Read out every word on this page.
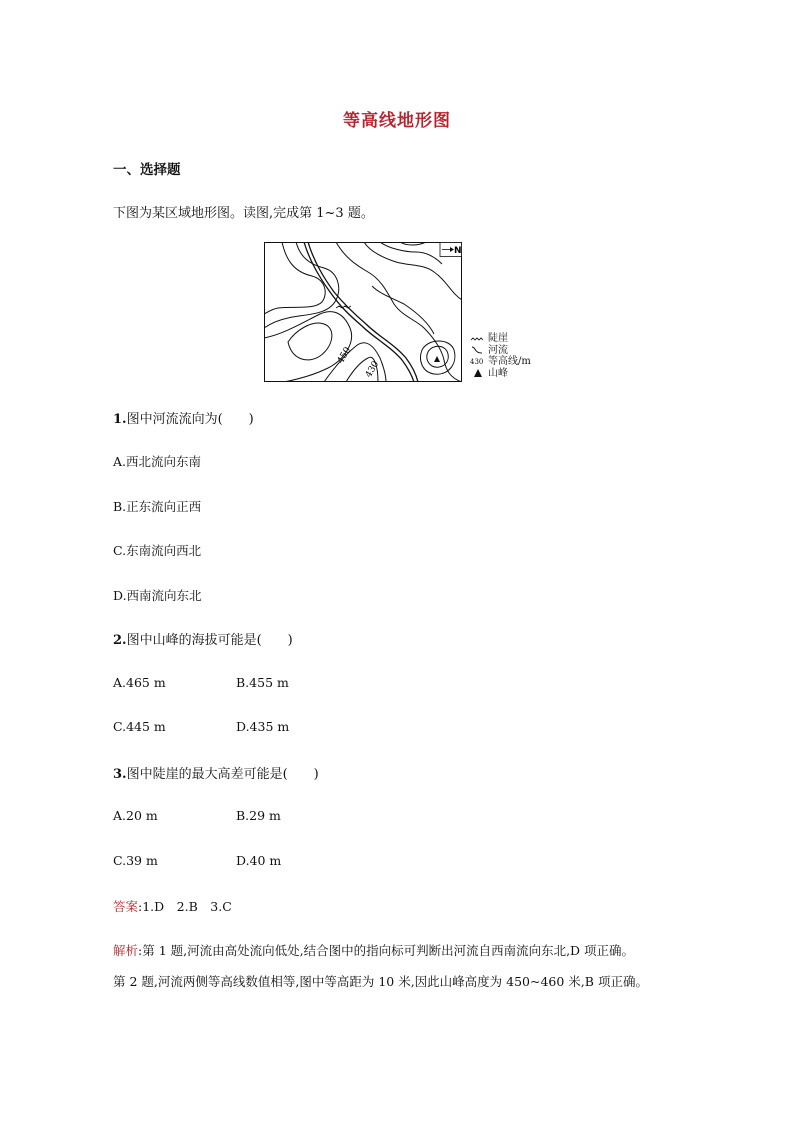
等高线地形图
一、选择题
下图为某区域地形图。读图,完成第 1~3 题。
N
450
430
陡崖
河流
430 等高线/m
山峰
1.图中河流流向为(　　)
A.西北流向东南
B.正东流向正西
C.东南流向西北
D.西南流向东北
2.图中山峰的海拔可能是(　　)
A.465 m	B.455 m
C.445 m	D.435 m
3.图中陡崖的最大高差可能是(　　)
A.20 m	B.29 m
C.39 m	D.40 m
答案:1.D　2.B　3.C
解析:第 1 题,河流由高处流向低处,结合图中的指向标可判断出河流自西南流向东北,D 项正确。
第 2 题,河流两侧等高线数值相等,图中等高距为 10 米,因此山峰高度为 450~460 米,B 项正确。
